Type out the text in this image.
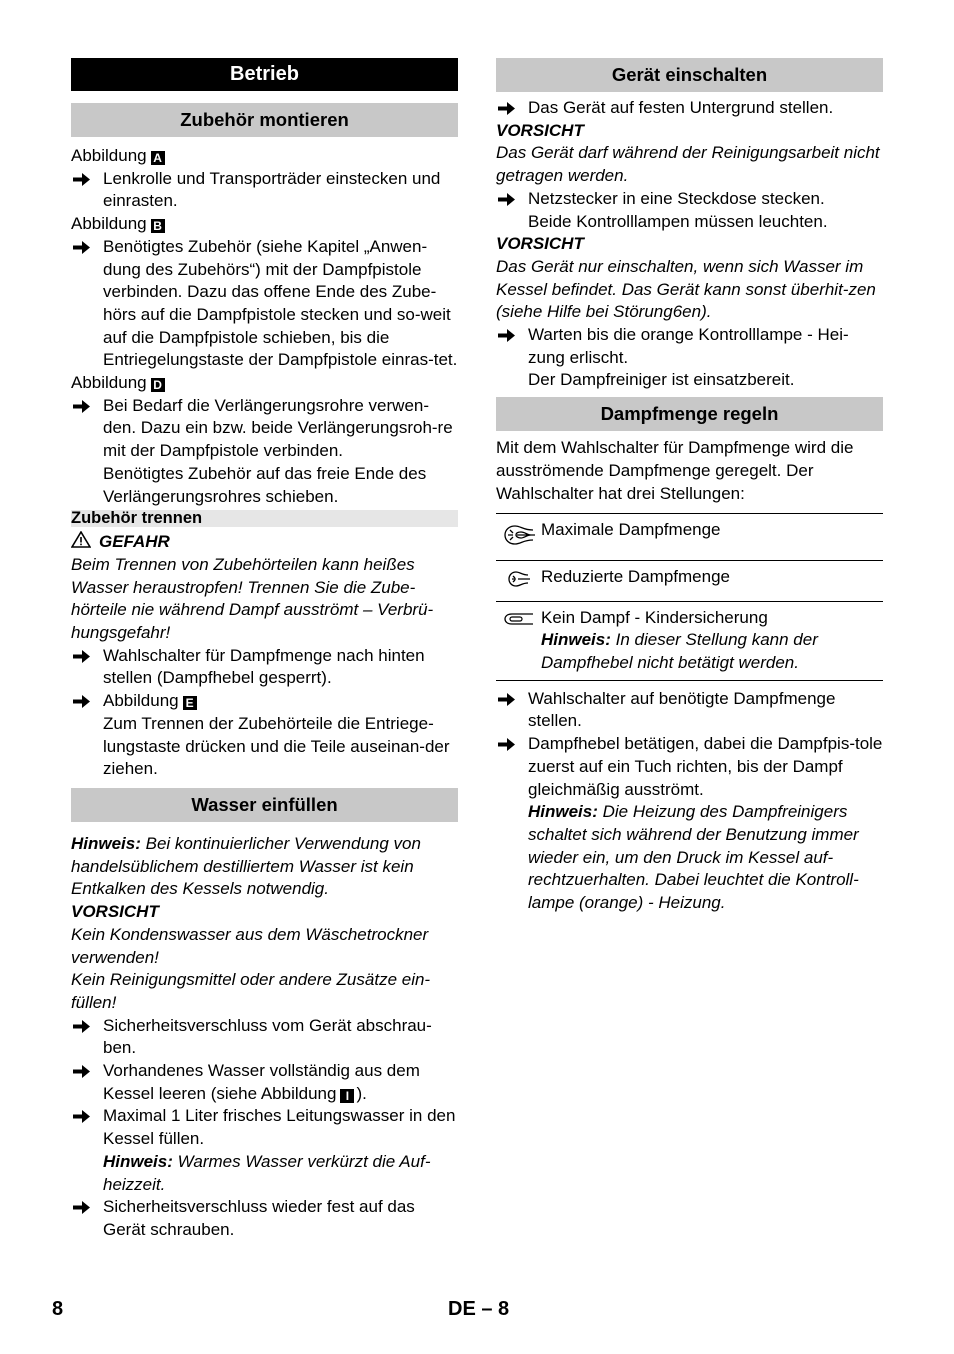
Betrieb
Zubehör montieren
Abbildung A
Lenkrolle und Transporträder einstecken und einrasten.
Abbildung B
Benötigtes Zubehör (siehe Kapitel „Anwen-dung des Zubehörs“) mit der Dampfpistole verbinden. Dazu das offene Ende des Zube-hörs auf die Dampfpistole stecken und so-weit auf die Dampfpistole schieben, bis die Entriegelungstaste der Dampfpistole einras-tet.
Abbildung D
Bei Bedarf die Verlängerungsrohre verwen-den. Dazu ein bzw. beide Verlängerungsroh-re mit der Dampfpistole verbinden.
Benötigtes Zubehör auf das freie Ende des Verlängerungsrohres schieben.
Zubehör trennen
GEFAHR
Beim Trennen von Zubehörteilen kann heißes Wasser heraustropfen! Trennen Sie die Zube-hörteile nie während Dampf ausströmt – Verbrü-hungsgefahr!
Wahlschalter für Dampfmenge nach hinten stellen (Dampfhebel gesperrt).
Abbildung E
Zum Trennen der Zubehörteile die Entriege-lungstaste drücken und die Teile auseinan-der ziehen.
Wasser einfüllen
Hinweis: Bei kontinuierlicher Verwendung von handelsüblichem destilliertem Wasser ist kein Entkalken des Kessels notwendig.
VORSICHT
Kein Kondenswasser aus dem Wäschetrockner verwenden!
Kein Reinigungsmittel oder andere Zusätze ein-füllen!
Sicherheitsverschluss vom Gerät abschrau-ben.
Vorhandenes Wasser vollständig aus dem Kessel leeren (siehe Abbildung I ).
Maximal 1 Liter frisches Leitungswasser in den Kessel füllen.
Hinweis: Warmes Wasser verkürzt die Auf-heizzeit.
Sicherheitsverschluss wieder fest auf das Gerät schrauben.
Gerät einschalten
Das Gerät auf festen Untergrund stellen.
VORSICHT
Das Gerät darf während der Reinigungsarbeit nicht getragen werden.
Netzstecker in eine Steckdose stecken.
Beide Kontrolllampen müssen leuchten.
VORSICHT
Das Gerät nur einschalten, wenn sich Wasser im Kessel befindet. Das Gerät kann sonst überhit-zen (siehe Hilfe bei Störung6en).
Warten bis die orange Kontrolllampe - Hei-zung erlischt.
Der Dampfreiniger ist einsatzbereit.
Dampfmenge regeln
Mit dem Wahlschalter für Dampfmenge wird die ausströmende Dampfmenge geregelt. Der Wahlschalter hat drei Stellungen:
	Maximale Dampfmenge
	Reduzierte Dampfmenge

Kein Dampf - Kindersicherung
Hinweis: In dieser Stellung kann der Dampfhebel nicht betätigt werden.
Wahlschalter auf benötigte Dampfmenge stellen.
Dampfhebel betätigen, dabei die Dampfpis-tole zuerst auf ein Tuch richten, bis der Dampf gleichmäßig ausströmt.
Hinweis: Die Heizung des Dampfreinigers schaltet sich während der Benutzung immer wieder ein, um den Druck im Kessel auf-rechtzuerhalten. Dabei leuchtet die Kontroll-lampe (orange) - Heizung.
8	DE – 8
